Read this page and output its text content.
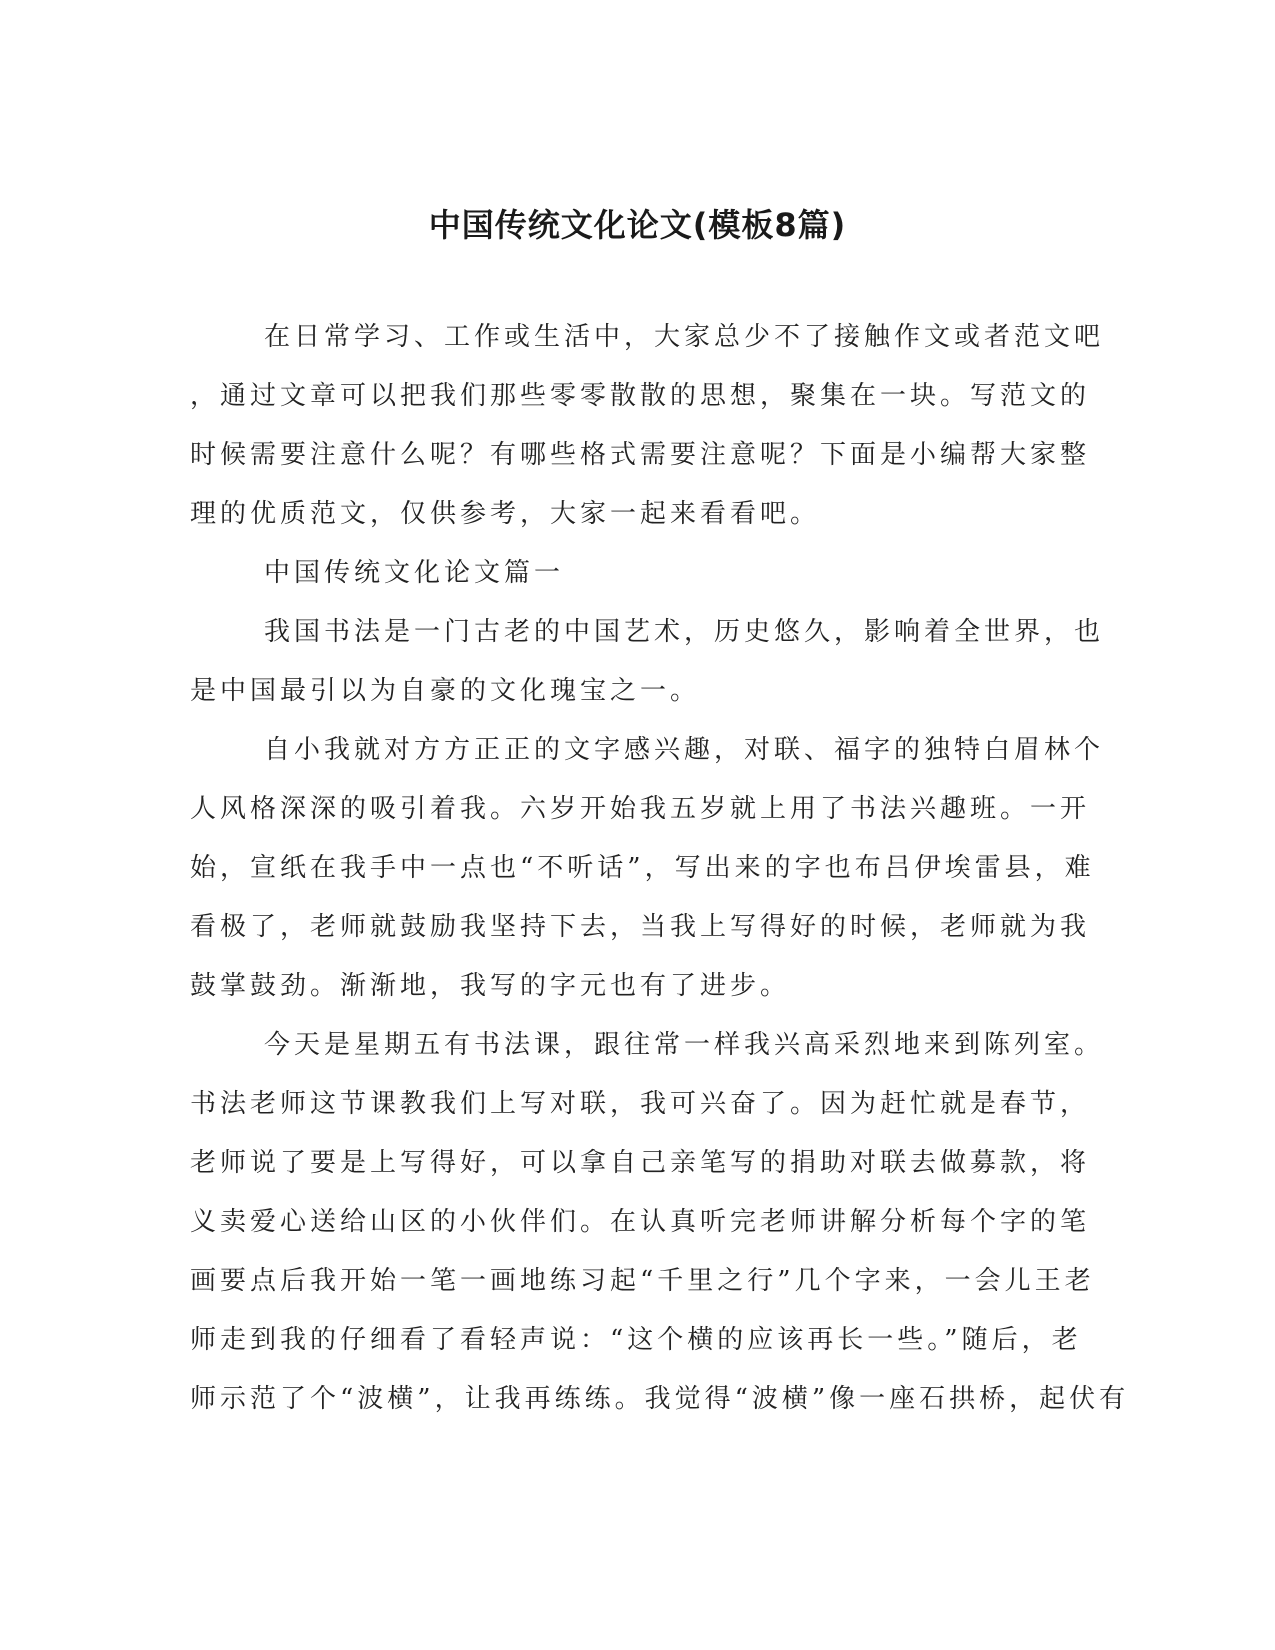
中国传统文化论文(模板8篇)

在日常学习、工作或生活中，大家总少不了接触作文或者范文吧

，通过文章可以把我们那些零零散散的思想，聚集在一块。写范文的

时候需要注意什么呢？有哪些格式需要注意呢？下面是小编帮大家整

理的优质范文，仅供参考，大家一起来看看吧。

中国传统文化论文篇一

我国书法是一门古老的中国艺术，历史悠久，影响着全世界，也

是中国最引以为自豪的文化瑰宝之一。

自小我就对方方正正的文字感兴趣，对联、福字的独特白眉林个

人风格深深的吸引着我。六岁开始我五岁就上用了书法兴趣班。一开

始，宣纸在我手中一点也“不听话”，写出来的字也布吕伊埃雷县，难

看极了，老师就鼓励我坚持下去，当我上写得好的时候，老师就为我

鼓掌鼓劲。渐渐地，我写的字元也有了进步。

今天是星期五有书法课，跟往常一样我兴高采烈地来到陈列室。

书法老师这节课教我们上写对联，我可兴奋了。因为赶忙就是春节，

老师说了要是上写得好，可以拿自己亲笔写的捐助对联去做募款，将

义卖爱心送给山区的小伙伴们。在认真听完老师讲解分析每个字的笔

画要点后我开始一笔一画地练习起“千里之行”几个字来，一会儿王老

师走到我的仔细看了看轻声说：“这个横的应该再长一些。”随后，老

师示范了个“波横”，让我再练练。我觉得“波横”像一座石拱桥，起伏有
